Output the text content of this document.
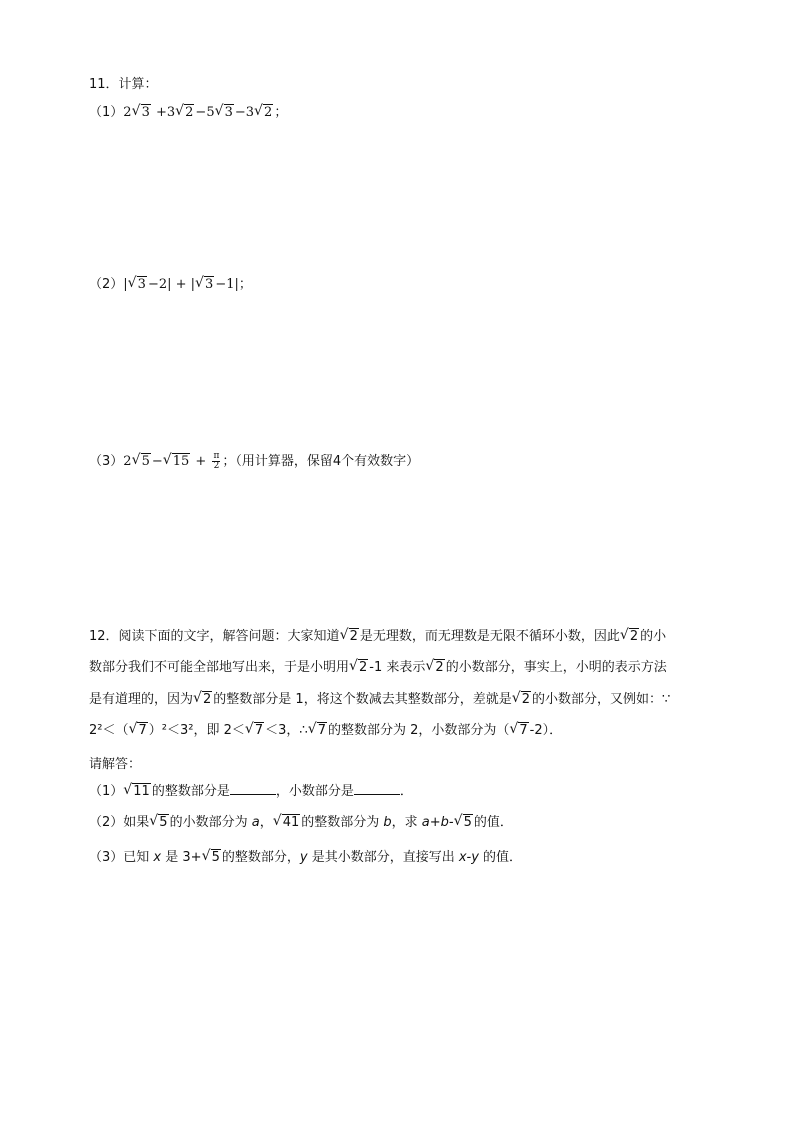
11．计算：
（1）2 √ 3 +3 √ 2 −5 √ 3 −3 √ 2 ；
（2）| √ 3 −2| + | √ 3 −1|；
（3）2 √ 5 − √ $15 + \frac{\pi}{2}$ ；（用计算器，保留4个有效数字）
12．阅读下面的文字，解答问题：大家知道 √ 2 是无理数，而无理数是无限不循环小数，因此 √ 2 的小
数部分我们不可能全部地写出来，于是小明用 √ 2 -1 来表示 √ 2 的小数部分，事实上，小明的表示方法
是有道理的，因为 √ 2 的整数部分是 1，将这个数减去其整数部分，差就是 √ 2 的小数部分，又例如：∵
2²＜（ √ 7 ）²＜3²，即 2＜ √ 7 ＜3，∴ √ 7 的整数部分为 2，小数部分为（ √ 7 -2）．
请解答：
（1） √ 11 的整数部分是	，小数部分是	．
（2）如果 √ 5 的小数部分为 a， √ 41 的整数部分为 b，求 a+b- √ 5 的值．
（3）已知 x 是 3+ √ 5 的整数部分，y 是其小数部分，直接写出 x-y 的值．
